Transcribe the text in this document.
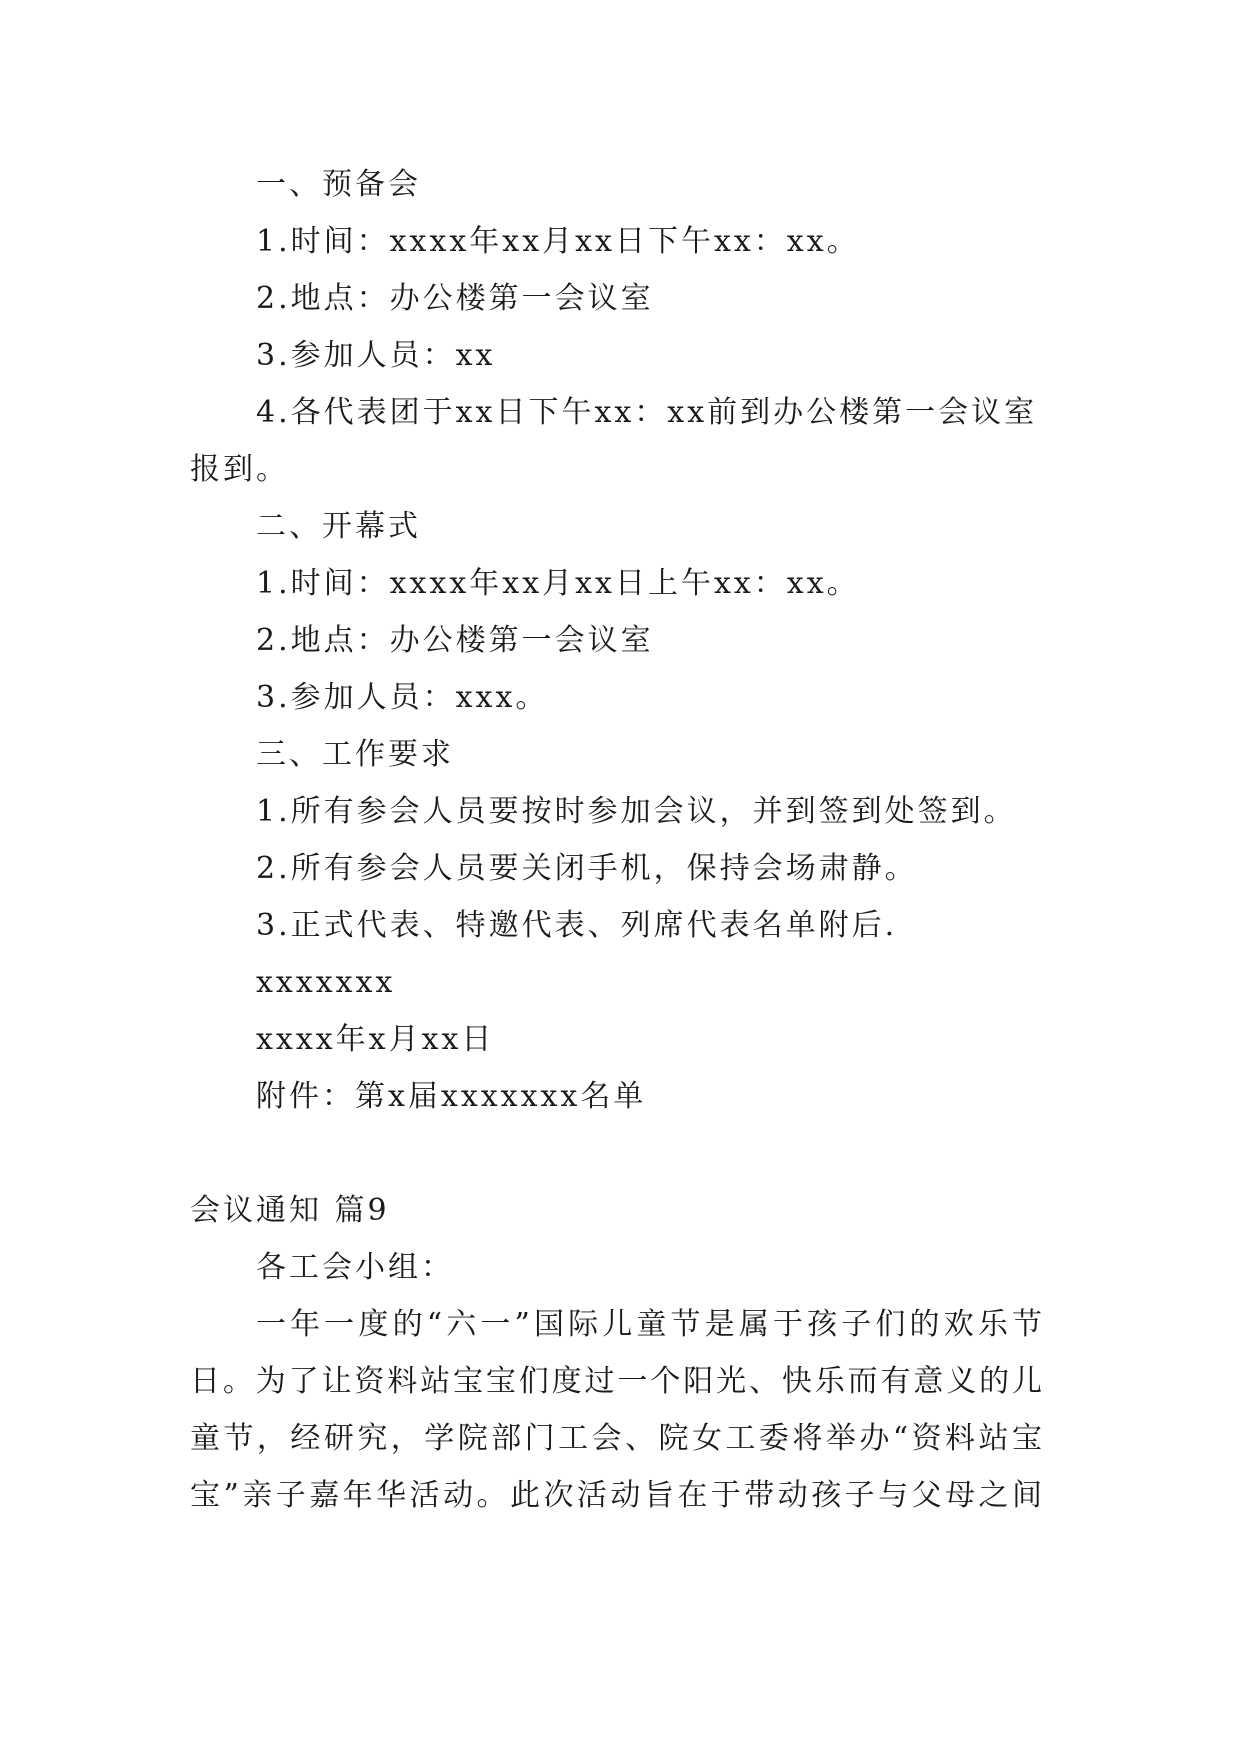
一、预备会
1.时间：xxxx年xx月xx日下午xx：xx。
2.地点：办公楼第一会议室
3.参加人员：xx
4.各代表团于xx日下午xx：xx前到办公楼第一会议室
报到。
二、开幕式
1.时间：xxxx年xx月xx日上午xx：xx。
2.地点：办公楼第一会议室
3.参加人员：xxx。
三、工作要求
1.所有参会人员要按时参加会议，并到签到处签到。
2.所有参会人员要关闭手机，保持会场肃静。
3.正式代表、特邀代表、列席代表名单附后.
xxxxxxx
xxxx年x月xx日
附件：第x届xxxxxxx名单
会议通知 篇9
各工会小组：
一年一度的“六一”国际儿童节是属于孩子们的欢乐节
日。为了让资料站宝宝们度过一个阳光、快乐而有意义的儿
童节，经研究，学院部门工会、院女工委将举办“资料站宝
宝”亲子嘉年华活动。此次活动旨在于带动孩子与父母之间
